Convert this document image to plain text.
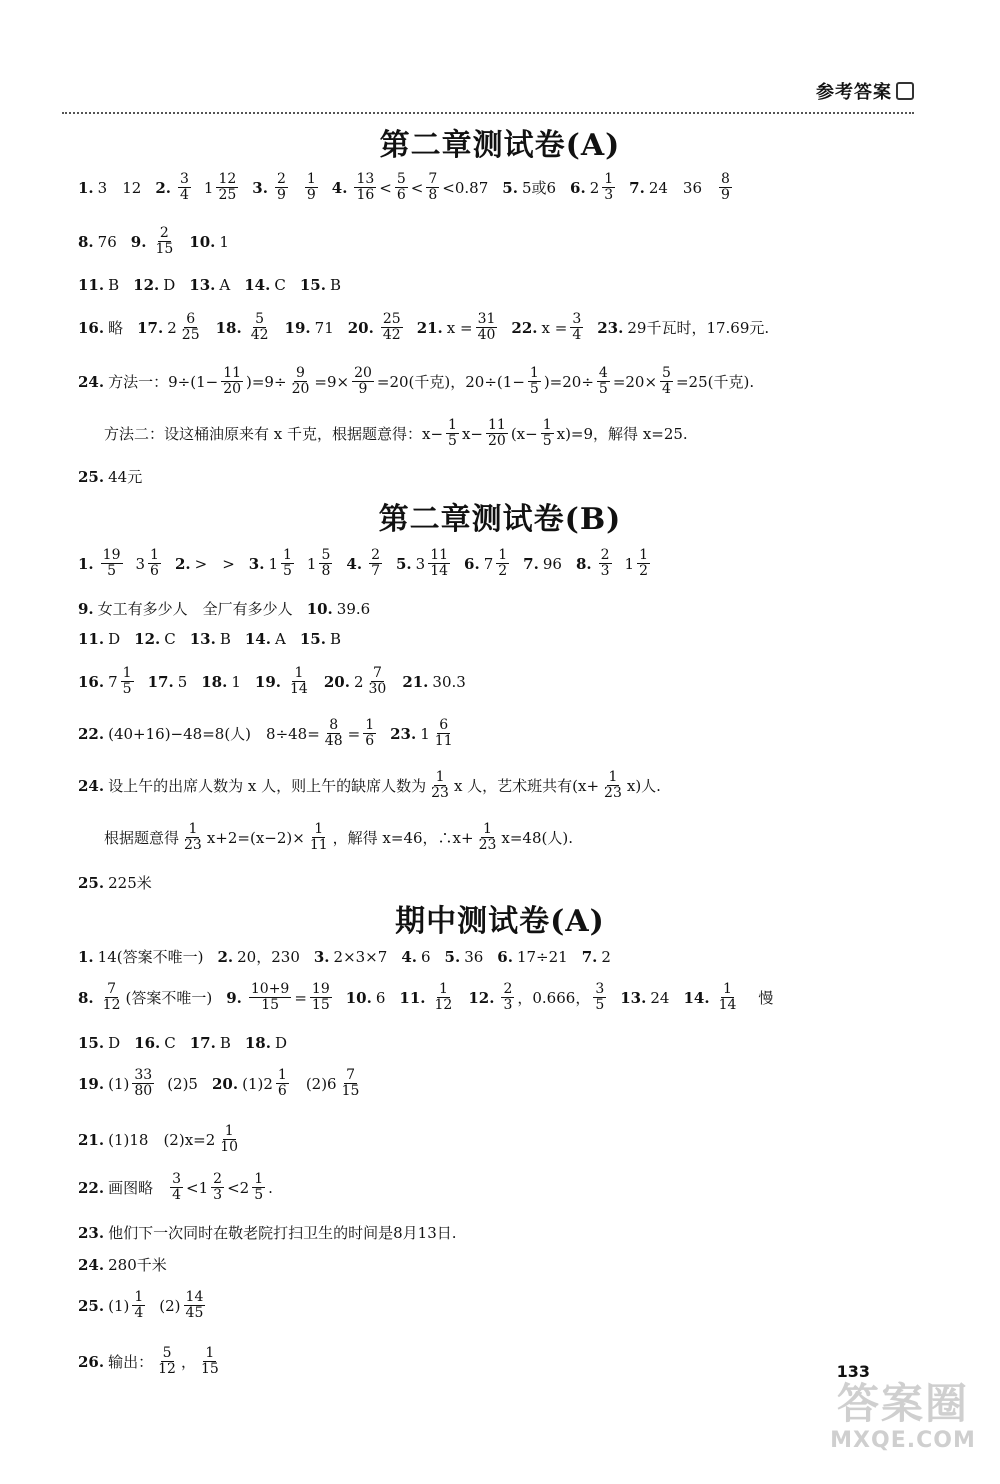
参考答案
第二章测试卷(A)
1. 3　12 2. 3
4 1 12
25 3. 2
9
1
9 4. 13
16 < 5
6 < 7
8 <0.87 5. 5或6 6. 2 1
3 7. 24　36 8
9
8. 76 9. 2
15 10. 1
11. B 12. D 13. A 14. C 15. B
16. 略 17. 2 6
25 18. 5
42 19. 71 20. 25
42 21. $x = \frac{31}{40} 22$. $x = \frac{3}{4} 23$. 29千瓦时，17.69元.
24. 方法一：$9\div(1- \frac{11}{20} )=9\div \frac{9}{20} =9\times \frac{20}{9} =20$(千克)，$20\div(1- \frac{1}{5} )=20\div \frac{4}{5} =20\times \frac{5}{4} =25$(千克).
方法二：设这桶油原来有 x 千克，根据题意得：$x- \frac{1}{5} x- \frac{11}{20} (x- \frac{1}{5} x)=9$，解得 x=25.
25. 44元
第二章测试卷(B)
1. 19
5 3 1
6 2. >　> 3. 1 1
5 1 5
8 4. 2
7 5. 3 11
14 6. 7 1
2 7. 96 8. 2
3 1 1
2
9. 女工有多少人　全厂有多少人 10. 39.6
11. D 12. C 13. B 14. A 15. B
16. 7 1
5 17. 5 18. 1 19. 1
14 20. 2 7
30 21. 30.3
22. (40+16)−48=8(人)　$8\div 48= \frac{8}{48} = \frac{1}{6} 23$. 1 6
11
24. 设上午的出席人数为 x 人，则上午的缺席人数为 1
23 x 人，艺术班共有$(x+ \frac{1}{23} x)$人.
根据题意得 1
23 $x+2=(x-2)\times \frac{1}{11}$ ，解得 x=46，∴x+ $\frac{1}{23} x=48$(人).
25. 225米
期中测试卷(A)
1. 14(答案不唯一) 2. 20，230 3. 2×3×7 4. 6 5. 36 6. 17÷21 7. 2
8. 7
12 (答案不唯一) 9. $\frac{10+9}{15} = \frac{19}{15} 10$. 6 11. 1
12 12. 2
3 ，0.666， 3
5 13. 24 14. 1
14 慢
15. D 16. C 17. B 18. D
19. (1) 33
80 (2)5 20. (1)2 1
6 (2)6 7
15
21. (1)18　(2)x=2 1
10
22. 画图略 3
4 <1 2
3 <2 1
5 .
23. 他们下一次同时在敬老院打扫卫生的时间是8月13日.
24. 280千米
25. (1) 1
4 (2) 14
45
26. 输出： 5
12 ， 1
15	133
答案圈
MXQE.COM
